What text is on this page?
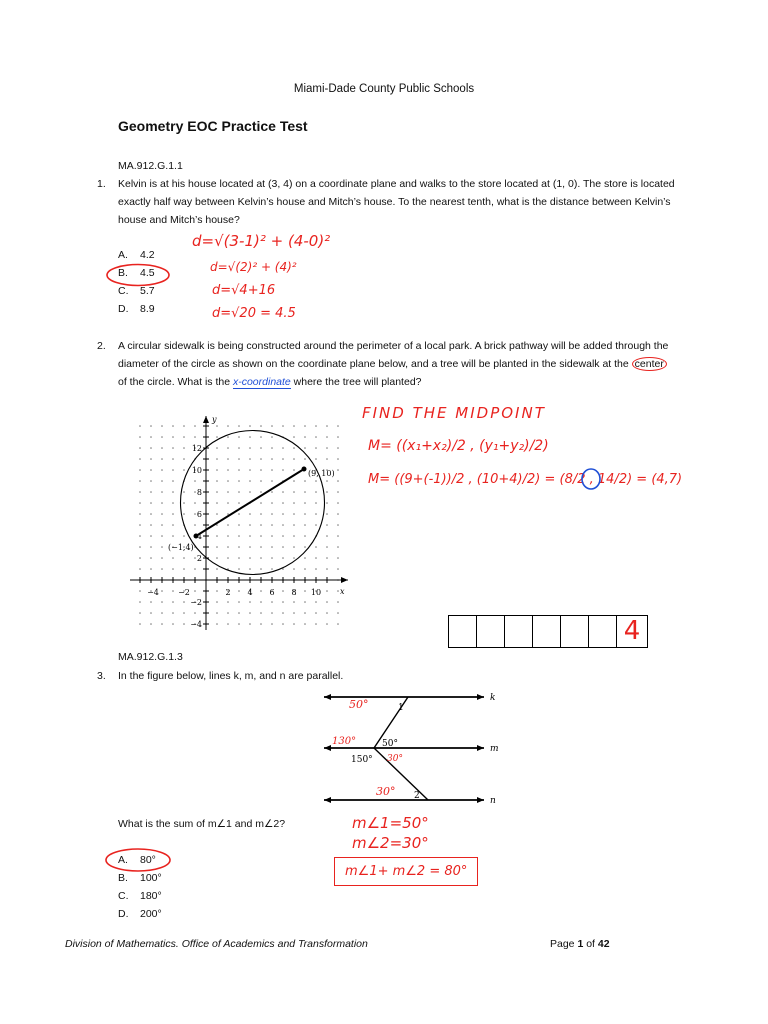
Miami-Dade County Public Schools
Geometry EOC Practice Test
MA.912.G.1.1
1. Kelvin is at his house located at (3, 4) on a coordinate plane and walks to the store located at (1, 0). The store is located exactly half way between Kelvin’s house and Mitch’s house. To the nearest tenth, what is the distance between Kelvin’s house and Mitch’s house?
A. 4.2
B. 4.5
C. 5.7
D. 8.9
d=√(3-1)² + (4-0)²
d=√(2)² + (4)²
d=√4+16
d=√20 = 4.5
2. A circular sidewalk is being constructed around the perimeter of a local park. A brick pathway will be added through the diameter of the circle as shown on the coordinate plane below, and a tree will be planted in the sidewalk at the center of the circle. What is the x-coordinate where the tree will planted?
(−1,4)
(9, 10)
y
x
−4 −2	2 4 6 8 10
12
10
8
6
4
2
−2
−4
FIND THE MIDPOINT
M= ((x₁+x₂)/2 , (y₁+y₂)/2)
M= ((9+(-1))/2 , (10+4)/2) = (8/2 , 14/2) = (4,7)
4
MA.912.G.1.3
3. In the figure below, lines k, m, and n are parallel.
k
m
n
1
50°
150°
2
50°
130°
30°
30°
What is the sum of m∠1 and m∠2?
A. 80°
B. 100°
C. 180°
D. 200°
m∠1=50°
m∠2=30°
m∠1+ m∠2 = 80°
Division of Mathematics. Office of Academics and Transformation	Page 1 of 42
